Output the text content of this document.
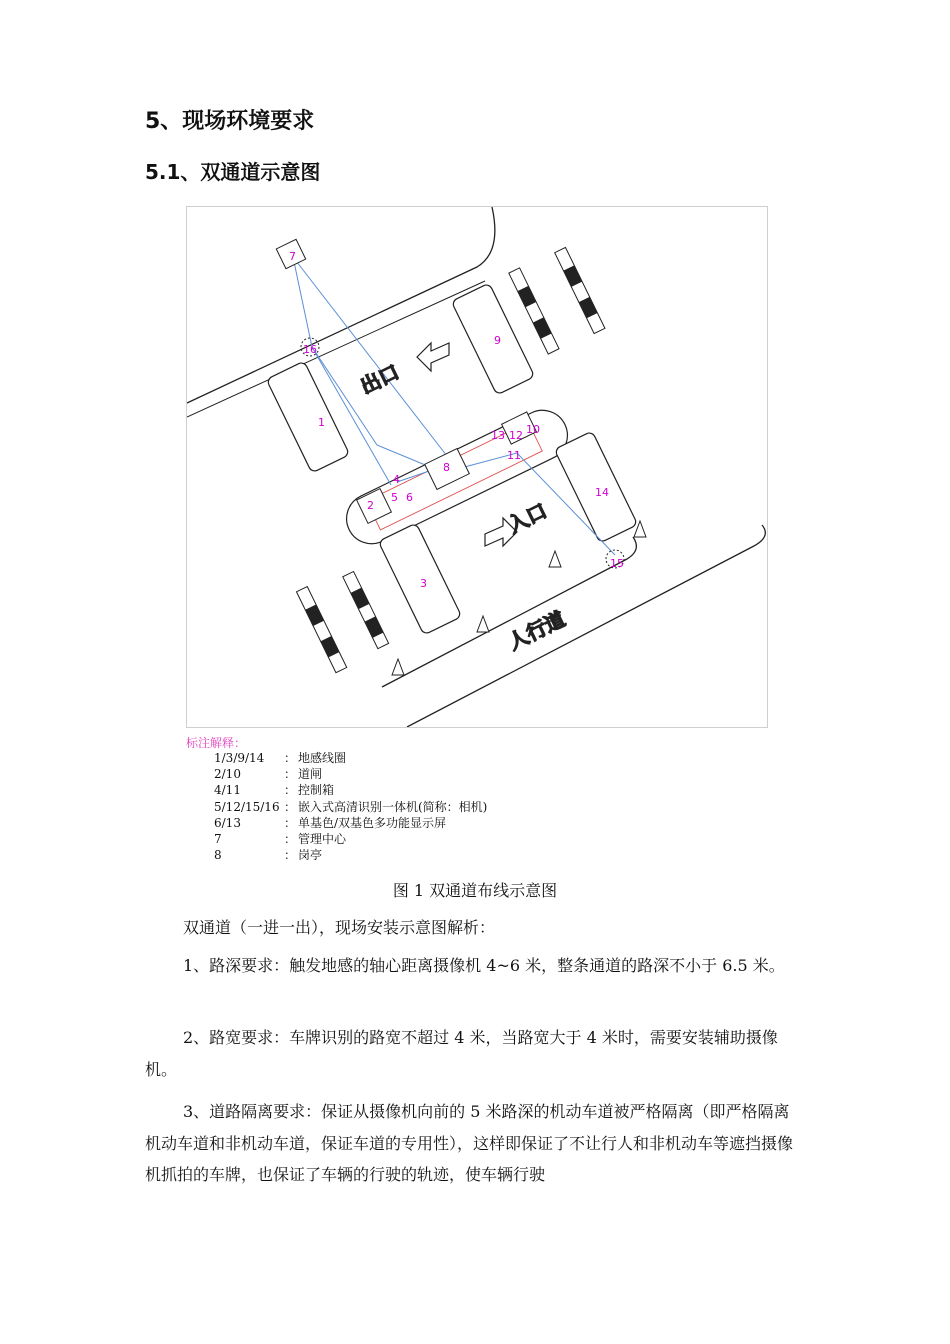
5、现场环境要求
5.1、双通道示意图
7
16
9
1
8
13 12 10
11
4
2
5 6	14
3
15
出口
入口
人行道
标注解释：
1/3/9/14 ： 地感线圈
2/10	： 道闸
4/11	： 控制箱
5/12/15/16 ： 嵌入式高清识别一体机(简称：相机)
6/13	： 单基色/双基色多功能显示屏
7	： 管理中心
8	： 岗亭
图 1 双通道布线示意图

双通道（一进一出），现场安装示意图解析：

1、路深要求：触发地感的轴心距离摄像机 4~6 米，整条通道的路深不小于 6.5 米。

2、路宽要求：车牌识别的路宽不超过 4 米，当路宽大于 4 米时，需要安装辅助摄像机。

3、道路隔离要求：保证从摄像机向前的 5 米路深的机动车道被严格隔离（即严格隔离机动车道和非机动车道，保证车道的专用性），这样即保证了不让行人和非机动车等遮挡摄像机抓拍的车牌，也保证了车辆的行驶的轨迹，使车辆行驶
